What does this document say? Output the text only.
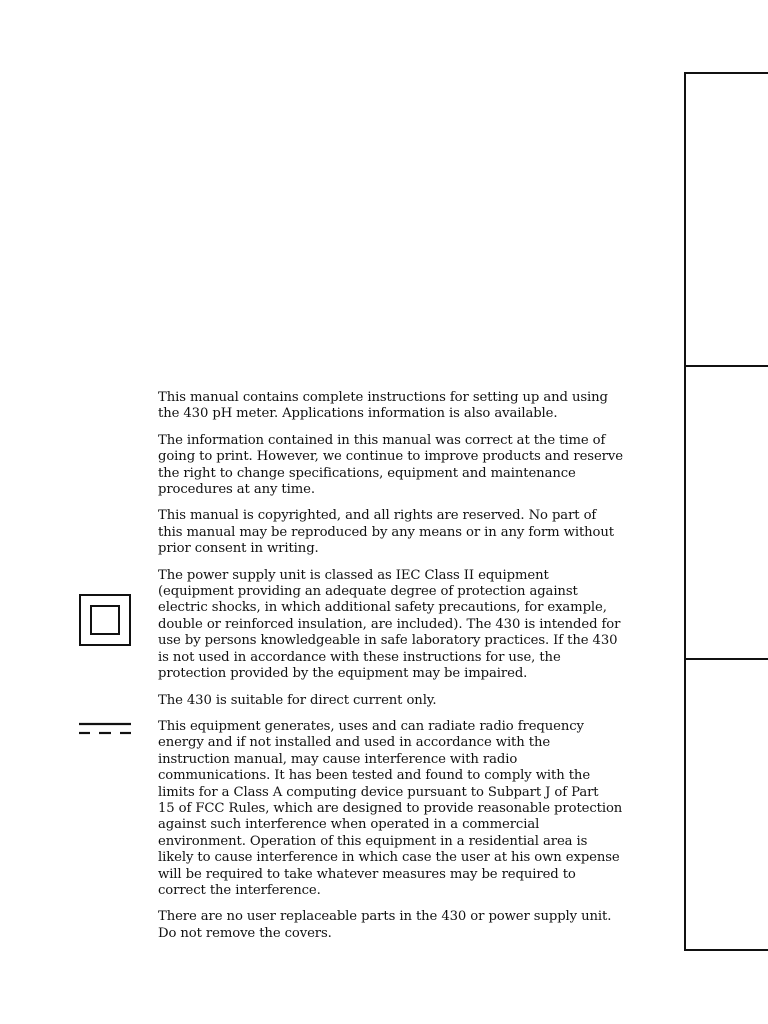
This manual contains complete instructions for setting up and using
the 430 pH meter. Applications information is also available.

The information contained in this manual was correct at the time of
going to print. However, we continue to improve products and reserve
the right to change specifications, equipment and maintenance
procedures at any time.

This manual is copyrighted, and all rights are reserved. No part of
this manual may be reproduced by any means or in any form without
prior consent in writing.

The power supply unit is classed as IEC Class II equipment
(equipment providing an adequate degree of protection against
electric shocks, in which additional safety precautions, for example,
double or reinforced insulation, are included). The 430 is intended for
use by persons knowledgeable in safe laboratory practices. If the 430
is not used in accordance with these instructions for use, the
protection provided by the equipment may be impaired.

The 430 is suitable for direct current only.

This equipment generates, uses and can radiate radio frequency
energy and if not installed and used in accordance with the
instruction manual, may cause interference with radio
communications. It has been tested and found to comply with the
limits for a Class A computing device pursuant to Subpart J of Part
15 of FCC Rules, which are designed to provide reasonable protection
against such interference when operated in a commercial
environment. Operation of this equipment in a residential area is
likely to cause interference in which case the user at his own expense
will be required to take whatever measures may be required to
correct the interference.

There are no user replaceable parts in the 430 or power supply unit.
Do not remove the covers.
